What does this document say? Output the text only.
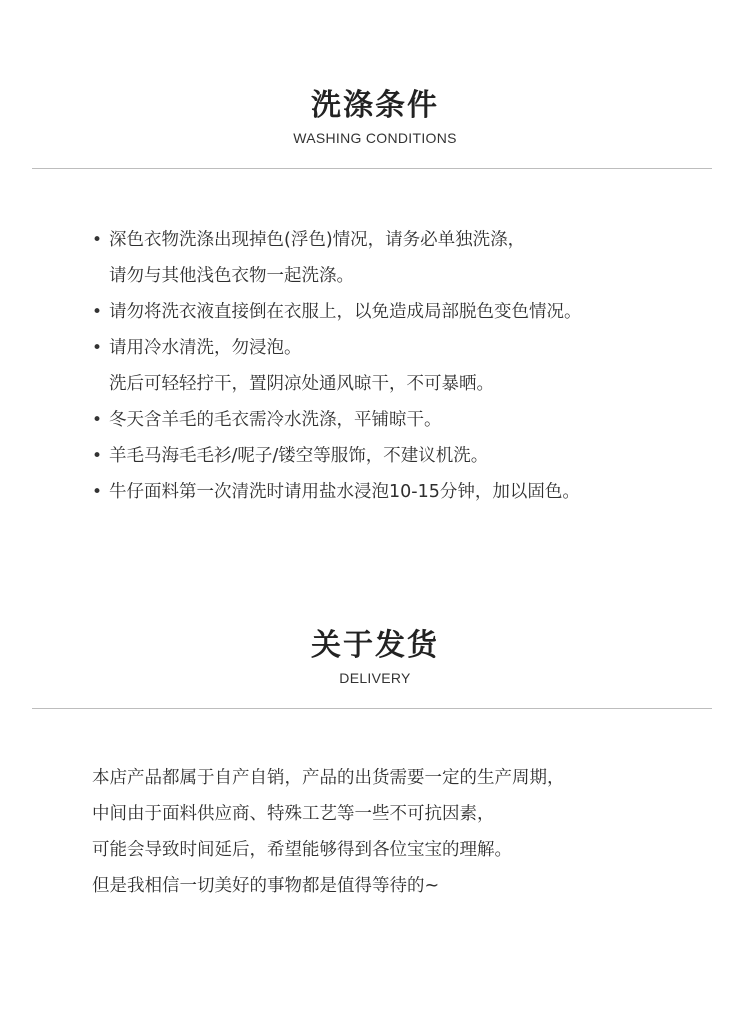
洗涤条件
WASHING CONDITIONS
• 深色衣物洗涤出现掉色(浮色)情况，请务必单独洗涤，
请勿与其他浅色衣物一起洗涤。
• 请勿将洗衣液直接倒在衣服上，以免造成局部脱色变色情况。
• 请用冷水清洗，勿浸泡。
洗后可轻轻拧干，置阴凉处通风晾干，不可暴晒。
• 冬天含羊毛的毛衣需冷水洗涤，平铺晾干。
• 羊毛马海毛毛衫/呢子/镂空等服饰，不建议机洗。
• 牛仔面料第一次清洗时请用盐水浸泡10-15分钟，加以固色。
关于发货
DELIVERY
本店产品都属于自产自销，产品的出货需要一定的生产周期，
中间由于面料供应商、特殊工艺等一些不可抗因素，
可能会导致时间延后，希望能够得到各位宝宝的理解。
但是我相信一切美好的事物都是值得等待的~
